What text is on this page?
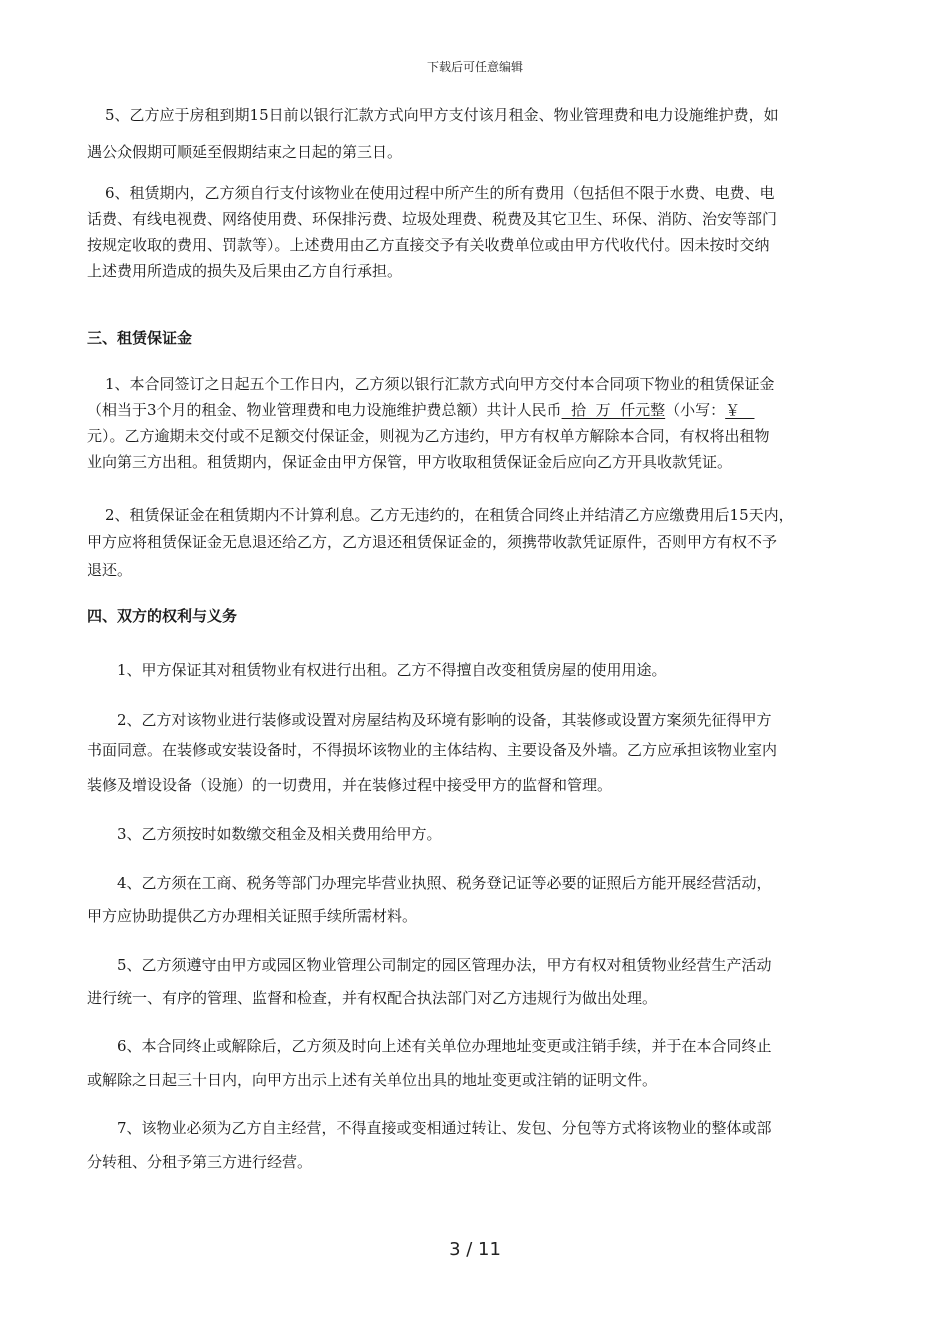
下载后可任意编辑
5、乙方应于房租到期15日前以银行汇款方式向甲方支付该月租金、物业管理费和电力设施维护费，如
遇公众假期可顺延至假期结束之日起的第三日。
6、租赁期内，乙方须自行支付该物业在使用过程中所产生的所有费用（包括但不限于水费、电费、电
话费、有线电视费、网络使用费、环保排污费、垃圾处理费、税费及其它卫生、环保、消防、治安等部门
按规定收取的费用、罚款等）。上述费用由乙方直接交予有关收费单位或由甲方代收代付。因未按时交纳
上述费用所造成的损失及后果由乙方自行承担。
三、租赁保证金
1、本合同签订之日起五个工作日内，乙方须以银行汇款方式向甲方交付本合同项下物业的租赁保证金
（相当于3个月的租金、物业管理费和电力设施维护费总额）共计人民币  拾  万  仟元整（小写：￥
元）。乙方逾期未交付或不足额交付保证金，则视为乙方违约，甲方有权单方解除本合同，有权将出租物
业向第三方出租。租赁期内，保证金由甲方保管，甲方收取租赁保证金后应向乙方开具收款凭证。
2、租赁保证金在租赁期内不计算利息。乙方无违约的，在租赁合同终止并结清乙方应缴费用后15天内，
甲方应将租赁保证金无息退还给乙方，乙方退还租赁保证金的，须携带收款凭证原件，否则甲方有权不予
退还。
四、双方的权利与义务
1、甲方保证其对租赁物业有权进行出租。乙方不得擅自改变租赁房屋的使用用途。
2、乙方对该物业进行装修或设置对房屋结构及环境有影响的设备，其装修或设置方案须先征得甲方
书面同意。在装修或安装设备时，不得损坏该物业的主体结构、主要设备及外墙。乙方应承担该物业室内
装修及增设设备（设施）的一切费用，并在装修过程中接受甲方的监督和管理。
3、乙方须按时如数缴交租金及相关费用给甲方。
4、乙方须在工商、税务等部门办理完毕营业执照、税务登记证等必要的证照后方能开展经营活动，
甲方应协助提供乙方办理相关证照手续所需材料。
5、乙方须遵守由甲方或园区物业管理公司制定的园区管理办法，甲方有权对租赁物业经营生产活动
进行统一、有序的管理、监督和检查，并有权配合执法部门对乙方违规行为做出处理。
6、本合同终止或解除后，乙方须及时向上述有关单位办理地址变更或注销手续，并于在本合同终止
或解除之日起三十日内，向甲方出示上述有关单位出具的地址变更或注销的证明文件。
7、该物业必须为乙方自主经营，不得直接或变相通过转让、发包、分包等方式将该物业的整体或部
分转租、分租予第三方进行经营。
3 / 11
